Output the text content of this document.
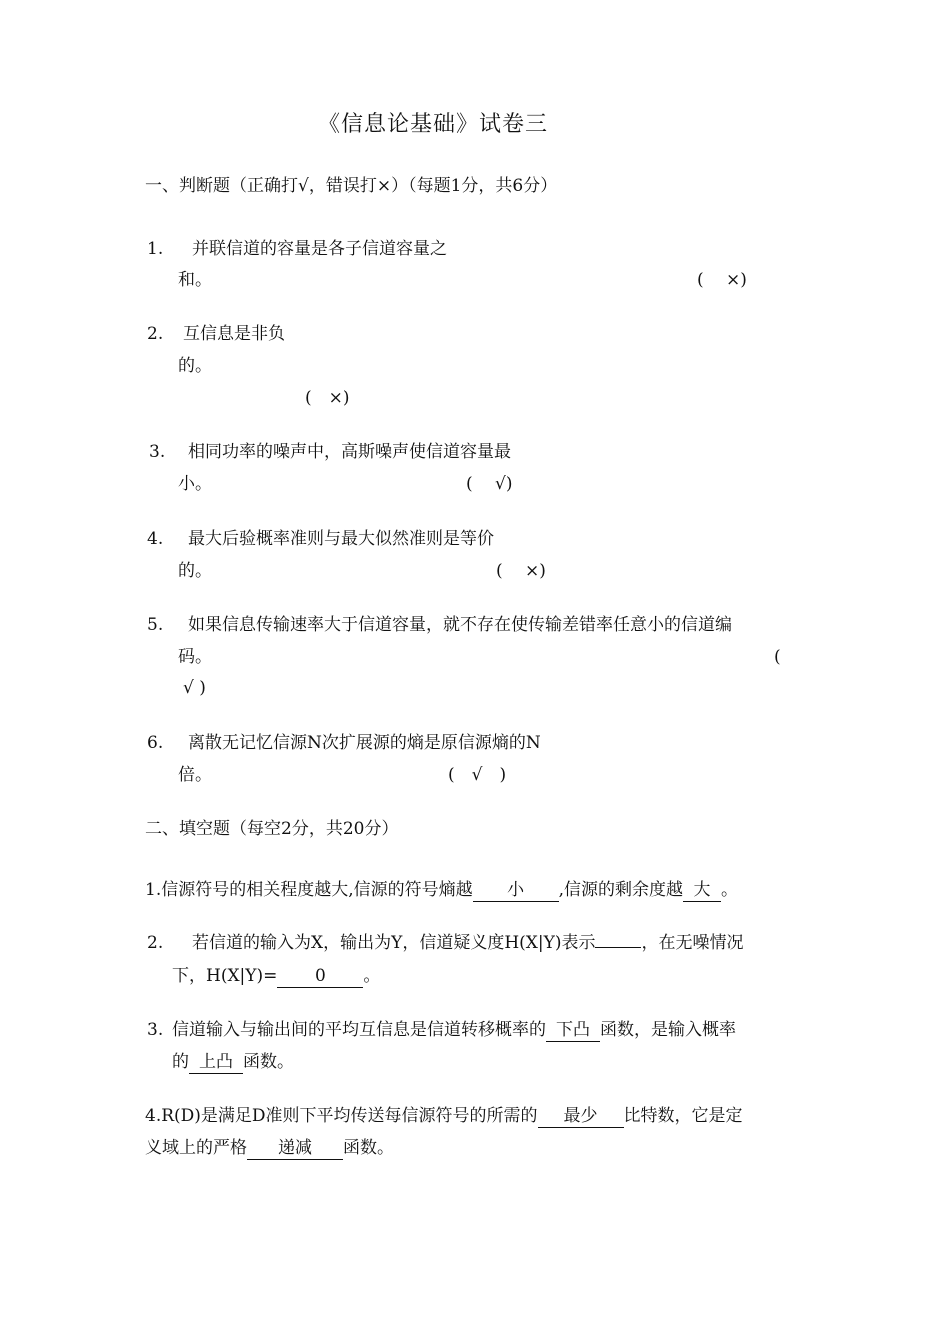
《信息论基础》试卷三
一、判断题（正确打√，错误打×）（每题1分，共6分）
1. 并联信道的容量是各子信道容量之
和。	(　 ×)
2. 互信息是非负
的。
(　×)
3. 相同功率的噪声中，高斯噪声使信道容量最
小。	(　 √)
4. 最大后验概率准则与最大似然准则是等价
的。	(　 ×)
5. 如果信息传输速率大于信道容量，就不存在使传输差错率任意小的信道编
码。	(
√ )
6. 离散无记忆信源N次扩展源的熵是原信源熵的N
倍。	(　√　)
二、填空题（每空2分，共20分）
1.信源符号的相关程度越大,信源的符号熵越 小 ,信源的剩余度越 大 。
2. 若信道的输入为X，输出为Y，信道疑义度H(X|Y)表示	，在无噪情况
下，H(X|Y)= 0 。
3. 信道输入与输出间的平均互信息是信道转移概率的 下凸 函数，是输入概率
的 上凸 函数。
4.R(D)是满足D准则下平均传送每信源符号的所需的 最少 比特数，它是定
义域上的严格 递减 函数。
